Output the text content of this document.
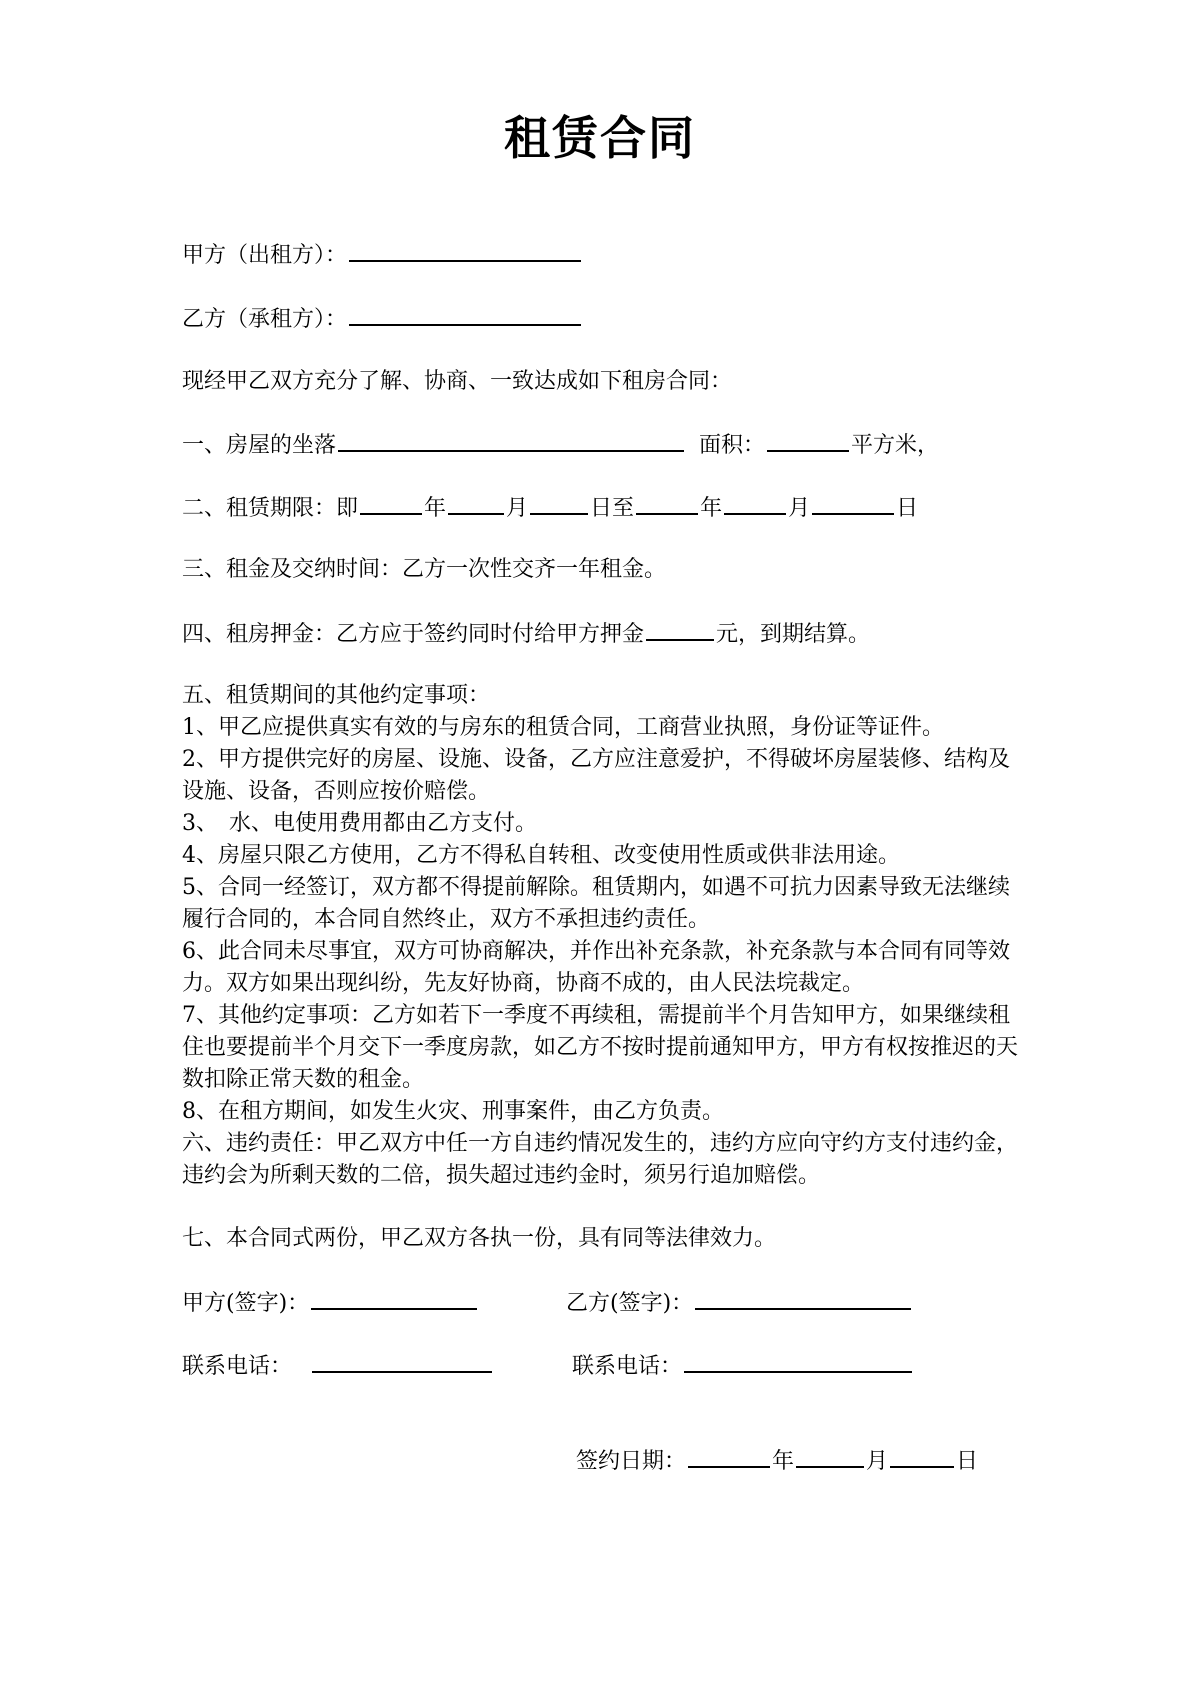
租赁合同
甲方（出租方）：
乙方（承租方）：
现经甲乙双方充分了解、协商、一致达成如下租房合同：
一、房屋的坐落	面积：	平方米，
二、租赁期限：即	年	月	日至	年	月	日
三、租金及交纳时间：乙方一次性交齐一年租金。
四、租房押金：乙方应于签约同时付给甲方押金	元，到期结算。

五、租赁期间的其他约定事项：

1、甲乙应提供真实有效的与房东的租赁合同，工商营业执照，身份证等证件。

2、甲方提供完好的房屋、设施、设备，乙方应注意爱护，不得破坏房屋装修、结构及设施、设备，否则应按价赔偿。

3、　水、电使用费用都由乙方支付。

4、房屋只限乙方使用，乙方不得私自转租、改变使用性质或供非法用途。

5、合同一经签订，双方都不得提前解除。租赁期内，如遇不可抗力因素导致无法继续履行合同的，本合同自然终止，双方不承担违约责任。

6、此合同未尽事宜，双方可协商解决，并作出补充条款，补充条款与本合同有同等效力。双方如果出现纠纷，先友好协商，协商不成的，由人民法垸裁定。

7、其他约定事项：乙方如若下一季度不再续租，需提前半个月告知甲方，如果继续租住也要提前半个月交下一季度房款，如乙方不按时提前通知甲方，甲方有权按推迟的天数扣除正常天数的租金。

8、在租方期间，如发生火灾、刑事案件，由乙方负责。

六、违约责任：甲乙双方中任一方自违约情况发生的，违约方应向守约方支付违约金，违约会为所剩天数的二倍，损失超过违约金时，须另行追加赔偿。

七、本合同式两份，甲乙双方各执一份，具有同等法律效力。
甲方(签字)：	乙方(签字)：
联系电话：	联系电话：
签约日期：	年	月	日
